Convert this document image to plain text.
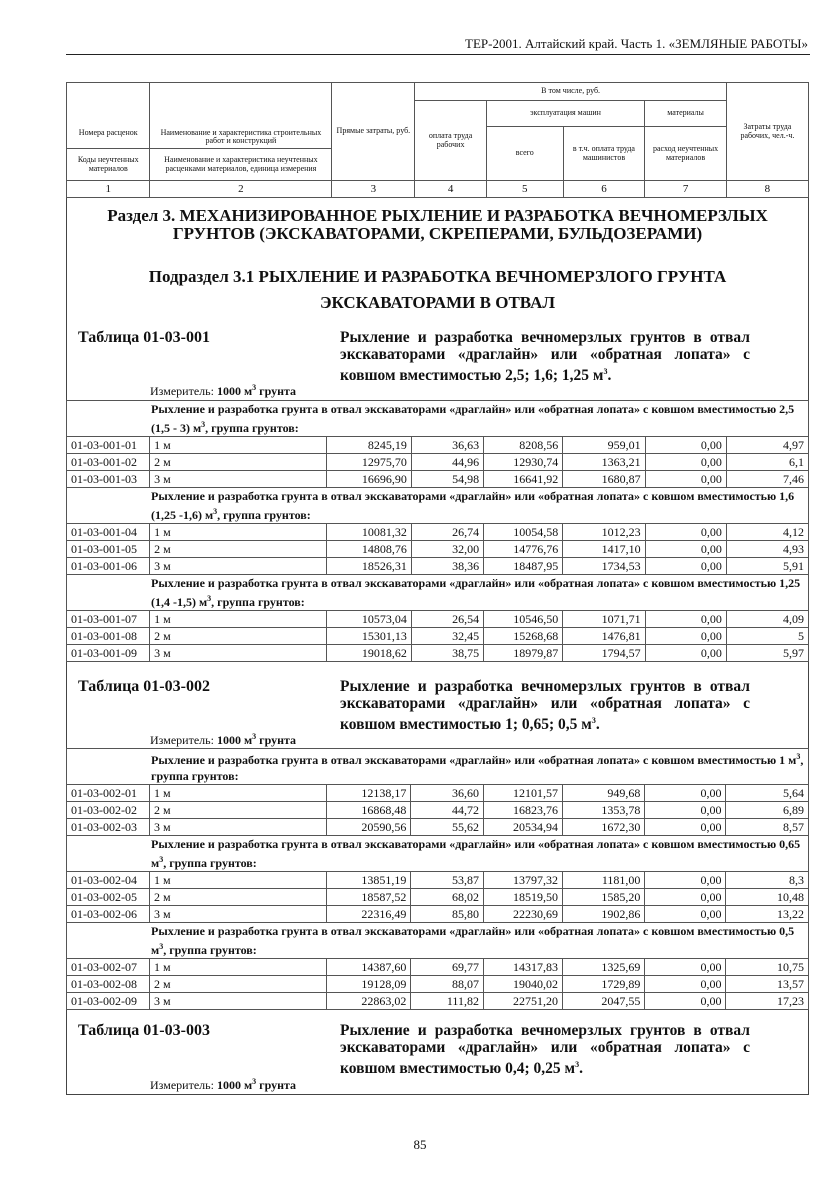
ТЕР-2001. Алтайский край. Часть 1. «ЗЕМЛЯНЫЕ РАБОТЫ»
		Прямые затраты, руб.	В том числе, руб.				Затраты труда рабочих, чел.-ч.
			оплата труда рабочих	эксплуатация машин		материалы	
Номера расценок	Наименование и характеристика строительных работ и конструкций			всего	в т.ч. оплата труда машинистов	расход неучтенных материалов	
Коды неучтенных материалов	Наименование и характеристика неучтенных расценками материалов, единица измерения						
1	2	3	4	5	6	7	8
Раздел 3. МЕХАНИЗИРОВАННОЕ РЫХЛЕНИЕ И РАЗРАБОТКА ВЕЧНОМЕРЗЛЫХ
ГРУНТОВ (ЭКСКАВАТОРАМИ, СКРЕПЕРАМИ, БУЛЬДОЗЕРАМИ)
Подраздел 3.1 РЫХЛЕНИЕ И РАЗРАБОТКА ВЕЧНОМЕРЗЛОГО ГРУНТА
ЭКСКАВАТОРАМИ В ОТВАЛ
Таблица 01-03-001	Рыхление и разработка вечномерзлых грунтов в отвал экскаваторами «драглайн» или «обратная лопата» с ковшом вместимостью 2,5; 1,6; 1,25 $м^3$.
Измеритель: 1000 $м^3$ грунта
Рыхление и разработка грунта в отвал экскаваторами «драглайн» или «обратная лопата» с ковшом вместимостью 2,5 (1,5 - 3) $м^3$, группа грунтов:							
01-03-001-01	1 м	8245,19	36,63	8208,56	959,01	0,00	4,97
01-03-001-02	2 м	12975,70	44,96	12930,74	1363,21	0,00	6,1
01-03-001-03	3 м	16696,90	54,98	16641,92	1680,87	0,00	7,46
Рыхление и разработка грунта в отвал экскаваторами «драглайн» или «обратная лопата» с ковшом вместимостью 1,6 (1,25 -1,6) $м^3$, группа грунтов:							
01-03-001-04	1 м	10081,32	26,74	10054,58	1012,23	0,00	4,12
01-03-001-05	2 м	14808,76	32,00	14776,76	1417,10	0,00	4,93
01-03-001-06	3 м	18526,31	38,36	18487,95	1734,53	0,00	5,91
Рыхление и разработка грунта в отвал экскаваторами «драглайн» или «обратная лопата» с ковшом вместимостью 1,25 (1,4 -1,5) $м^3$, группа грунтов:							
01-03-001-07	1 м	10573,04	26,54	10546,50	1071,71	0,00	4,09
01-03-001-08	2 м	15301,13	32,45	15268,68	1476,81	0,00	5
01-03-001-09	3 м	19018,62	38,75	18979,87	1794,57	0,00	5,97
Таблица 01-03-002	Рыхление и разработка вечномерзлых грунтов в отвал экскаваторами «драглайн» или «обратная лопата» с ковшом вместимостью 1; 0,65; 0,5 $м^3$.
Измеритель: 1000 $м^3$ грунта
Рыхление и разработка грунта в отвал экскаваторами «драглайн» или «обратная лопата» с ковшом вместимостью 1 $м^3$, группа грунтов:							
01-03-002-01	1 м	12138,17	36,60	12101,57	949,68	0,00	5,64
01-03-002-02	2 м	16868,48	44,72	16823,76	1353,78	0,00	6,89
01-03-002-03	3 м	20590,56	55,62	20534,94	1672,30	0,00	8,57
Рыхление и разработка грунта в отвал экскаваторами «драглайн» или «обратная лопата» с ковшом вместимостью 0,65 $м^3$, группа грунтов:							
01-03-002-04	1 м	13851,19	53,87	13797,32	1181,00	0,00	8,3
01-03-002-05	2 м	18587,52	68,02	18519,50	1585,20	0,00	10,48
01-03-002-06	3 м	22316,49	85,80	22230,69	1902,86	0,00	13,22
Рыхление и разработка грунта в отвал экскаваторами «драглайн» или «обратная лопата» с ковшом вместимостью 0,5 $м^3$, группа грунтов:							
01-03-002-07	1 м	14387,60	69,77	14317,83	1325,69	0,00	10,75
01-03-002-08	2 м	19128,09	88,07	19040,02	1729,89	0,00	13,57
01-03-002-09	3 м	22863,02	111,82	22751,20	2047,55	0,00	17,23
Таблица 01-03-003	Рыхление и разработка вечномерзлых грунтов в отвал экскаваторами «драглайн» или «обратная лопата» с ковшом вместимостью 0,4; 0,25 $м^3$.
Измеритель: 1000 $м^3$ грунта
85
